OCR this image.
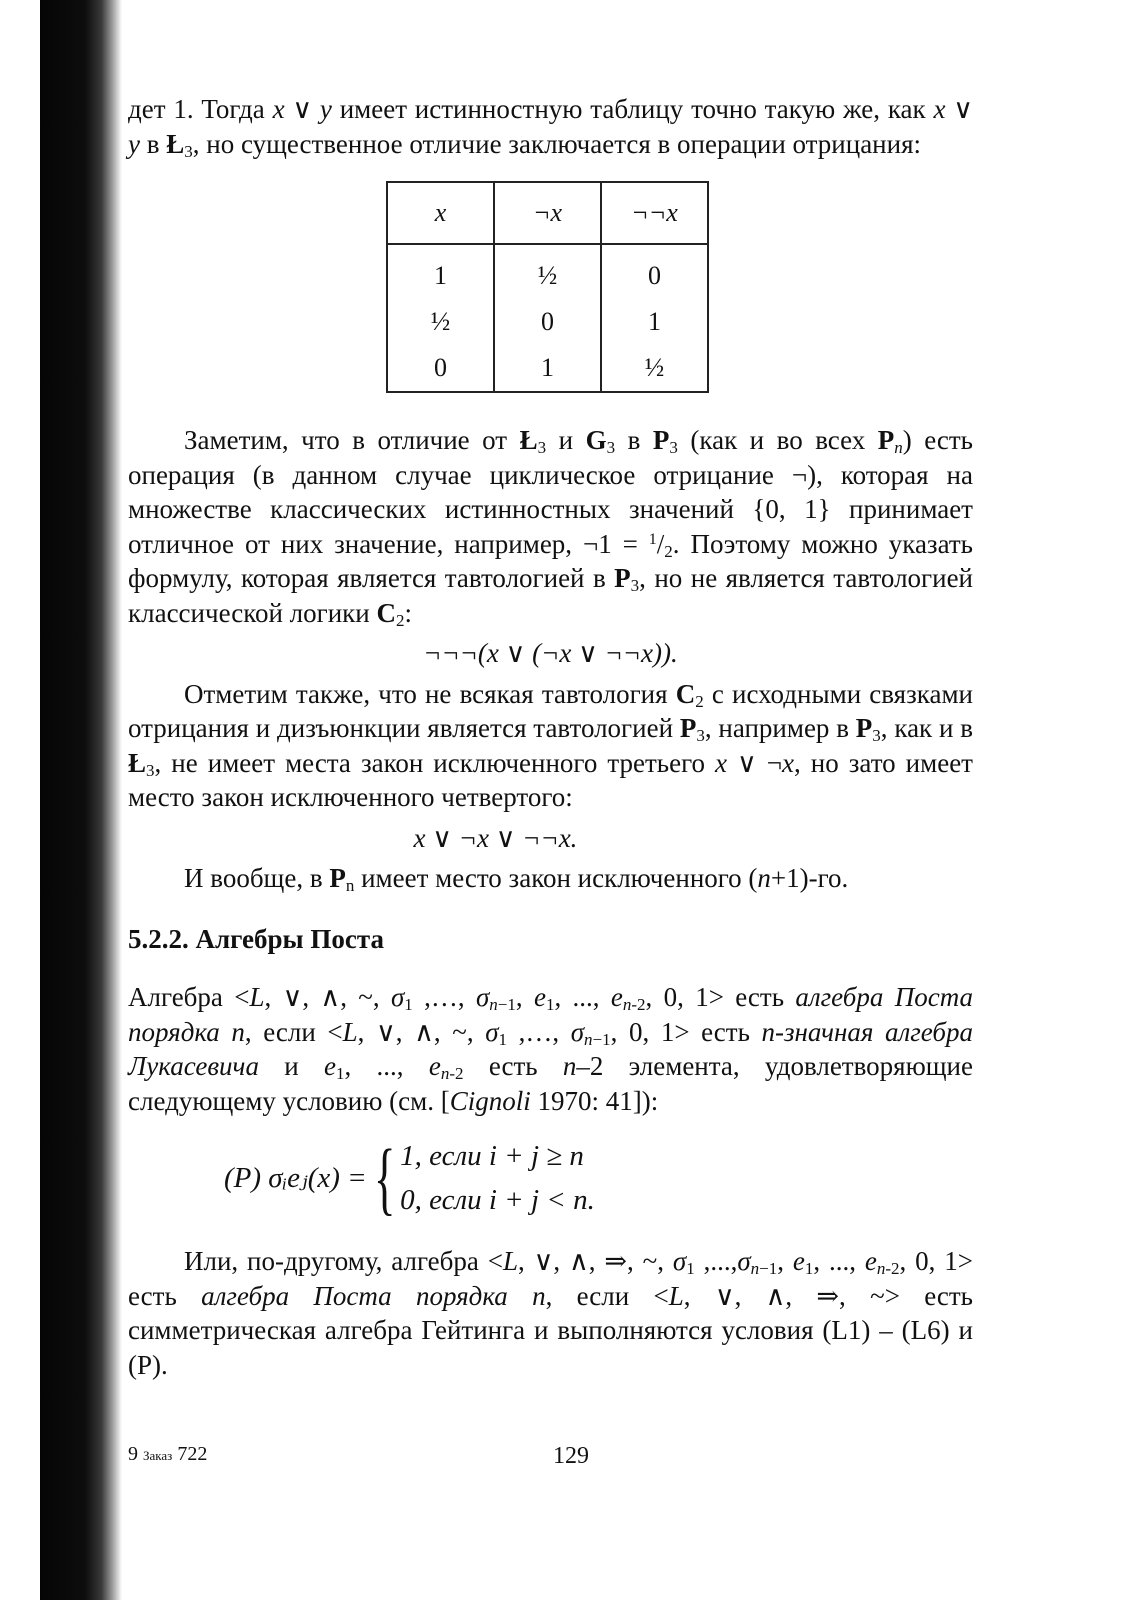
дет 1. Тогда x ∨ y имеет истинностную таблицу точно такую же, как x ∨ y в $Ł_3$, но существенное отличие заключается в операции отрицания:

x	¬x	¬¬x
1	½	0
½	0	1
0	1	½

Заметим, что в отличие от $Ł_3$ и $G_3$ в $P_3$ (как и во всех $P_n$) есть операция (в данном случае циклическое отрицание ¬), которая на множестве классических истинностных значений {0, 1} принимает отличное от них значение, например, ¬1 = $^1/_2$. Поэтому можно указать формулу, которая является тавтологией в $P_3$, но не является тавтологией классической логики $C_2$:

¬¬¬(x ∨ (¬x ∨ ¬¬x)).

Отметим также, что не всякая тавтология $C_2$ с исходными связками отрицания и дизъюнкции является тавтологией $P_3$, например в $P_3$, как и в $Ł_3$, не имеет места закон исключенного третьего x ∨ ¬x, но зато имеет место закон исключенного четвертого:

x ∨ ¬x ∨ ¬¬x.

И вообще, в $P_n$ имеет место закон исключенного (n+1)-го.

5.2.2. Алгебры Поста

Алгебра <L, ∨, ∧, ~, $\sigma_1$ ,…, $\sigma_{n-1}$, $e_1$, ..., $e_{n-2}$, 0, 1> есть алгебра Поста порядка n, если <L, ∨, ∧, ~, $\sigma_1$ ,…, $\sigma_{n-1}$, 0, 1> есть n-значная алгебра Лукасевича и $e_1$, ..., $e_{n-2}$ есть n–2 элемента, удовлетворяющие следующему условию (см. [Cignoli 1970: 41]):

(P) σᵢeⱼ(x) = { 1, если i + j ≥ n
0, если i + j < n.

Или, по-другому, алгебра <L, ∨, ∧, ⇒, ~, $\sigma_1$ $,...,\sigma_{n-1}$, $e_1$, ..., $e_{n-2}$, 0, 1> есть алгебра Поста порядка n, если <L, ∨, ∧, ⇒, ~> есть симметрическая алгебра Гейтинга и выполняются условия (L1) – (L6) и (P).

9 Заказ 722	129
